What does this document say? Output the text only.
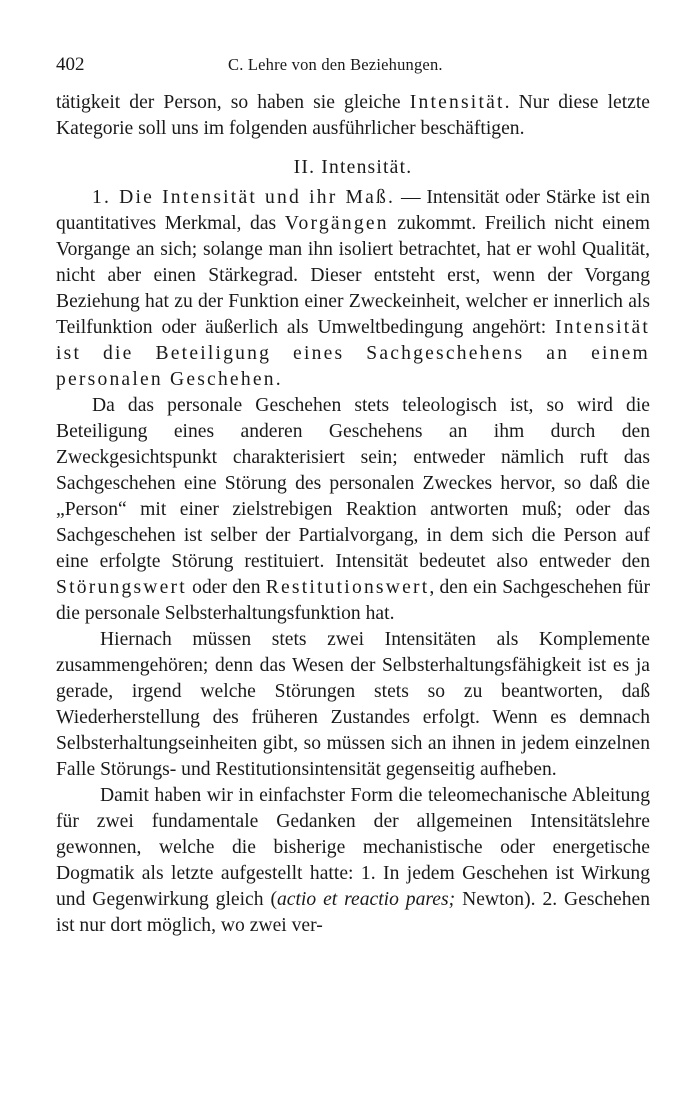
402	C. Lehre von den Beziehungen.

tätigkeit der Person, so haben sie gleiche Intensität. Nur diese letzte Kategorie soll uns im folgenden ausführlicher beschäftigen.

II. Intensität.

1. Die Intensität und ihr Maß. — Intensität oder Stärke ist ein quantitatives Merkmal, das Vorgängen zukommt. Freilich nicht einem Vorgange an sich; solange man ihn isoliert betrachtet, hat er wohl Qualität, nicht aber einen Stärkegrad. Dieser entsteht erst, wenn der Vorgang Beziehung hat zu der Funktion einer Zweckeinheit, welcher er innerlich als Teilfunktion oder äußerlich als Umweltbedingung angehört: Intensität ist die Beteiligung eines Sachgeschehens an einem personalen Geschehen.

Da das personale Geschehen stets teleologisch ist, so wird die Beteiligung eines anderen Geschehens an ihm durch den Zweckgesichtspunkt charakterisiert sein; entweder nämlich ruft das Sachgeschehen eine Störung des personalen Zweckes hervor, so daß die „Person“ mit einer zielstrebigen Reaktion antworten muß; oder das Sachgeschehen ist selber der Partialvorgang, in dem sich die Person auf eine erfolgte Störung restituiert. Intensität bedeutet also entweder den Störungswert oder den Restitutionswert, den ein Sachgeschehen für die personale Selbsterhaltungsfunktion hat.

Hiernach müssen stets zwei Intensitäten als Komplemente zusammengehören; denn das Wesen der Selbsterhaltungsfähigkeit ist es ja gerade, irgend welche Störungen stets so zu beantworten, daß Wiederherstellung des früheren Zustandes erfolgt. Wenn es demnach Selbsterhaltungseinheiten gibt, so müssen sich an ihnen in jedem einzelnen Falle Störungs- und Restitutionsintensität gegenseitig aufheben.

Damit haben wir in einfachster Form die teleomechanische Ableitung für zwei fundamentale Gedanken der allgemeinen Intensitätslehre gewonnen, welche die bisherige mechanistische oder energetische Dogmatik als letzte aufgestellt hatte: 1. In jedem Geschehen ist Wirkung und Gegenwirkung gleich (actio et reactio pares; Newton). 2. Geschehen ist nur dort möglich, wo zwei ver-
